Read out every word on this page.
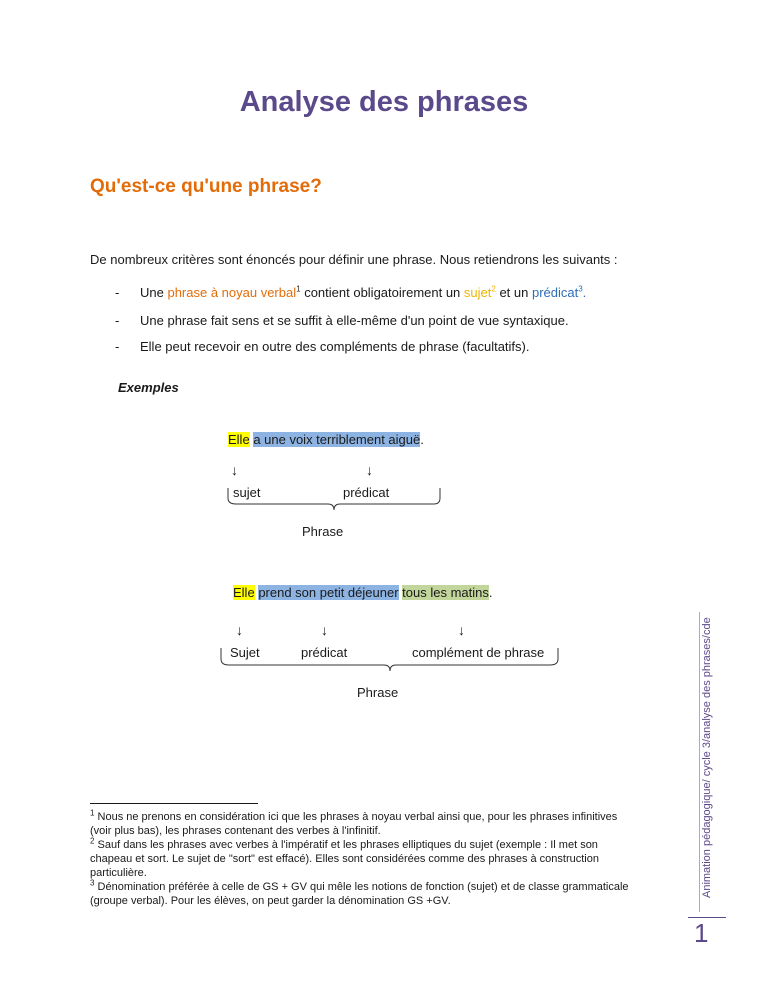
Analyse des phrases
Qu'est-ce qu'une phrase?
De nombreux critères sont énoncés pour définir une phrase. Nous retiendrons les suivants :
- Une phrase à noyau verbal$^1$ contient obligatoirement un sujet$^2$ et un prédicat$^3$.
- Une phrase fait sens et se suffit à elle-même d'un point de vue syntaxique.
- Elle peut recevoir en outre des compléments de phrase (facultatifs).
Exemples
Elle a une voix terriblement aiguë.
↓	↓
sujet	prédicat
Phrase
Elle prend son petit déjeuner tous les matins.
↓	↓	↓
Sujet	prédicat	complément de phrase
Phrase
$^1$ Nous ne prenons en considération ici que les phrases à noyau verbal ainsi que, pour les phrases infinitives
(voir plus bas), les phrases contenant des verbes à l'infinitif.
$^2$ Sauf dans les phrases avec verbes à l'impératif et les phrases elliptiques du sujet (exemple : Il met son
chapeau et sort. Le sujet de "sort" est effacé). Elles sont considérées comme des phrases à construction
particulière.
$^3$ Dénomination préférée à celle de GS + GV qui mêle les notions de fonction (sujet) et de classe grammaticale
(groupe verbal). Pour les élèves, on peut garder la dénomination GS +GV.
Animation pédagogique/ cycle 3/analyse des phrases/cde
1
